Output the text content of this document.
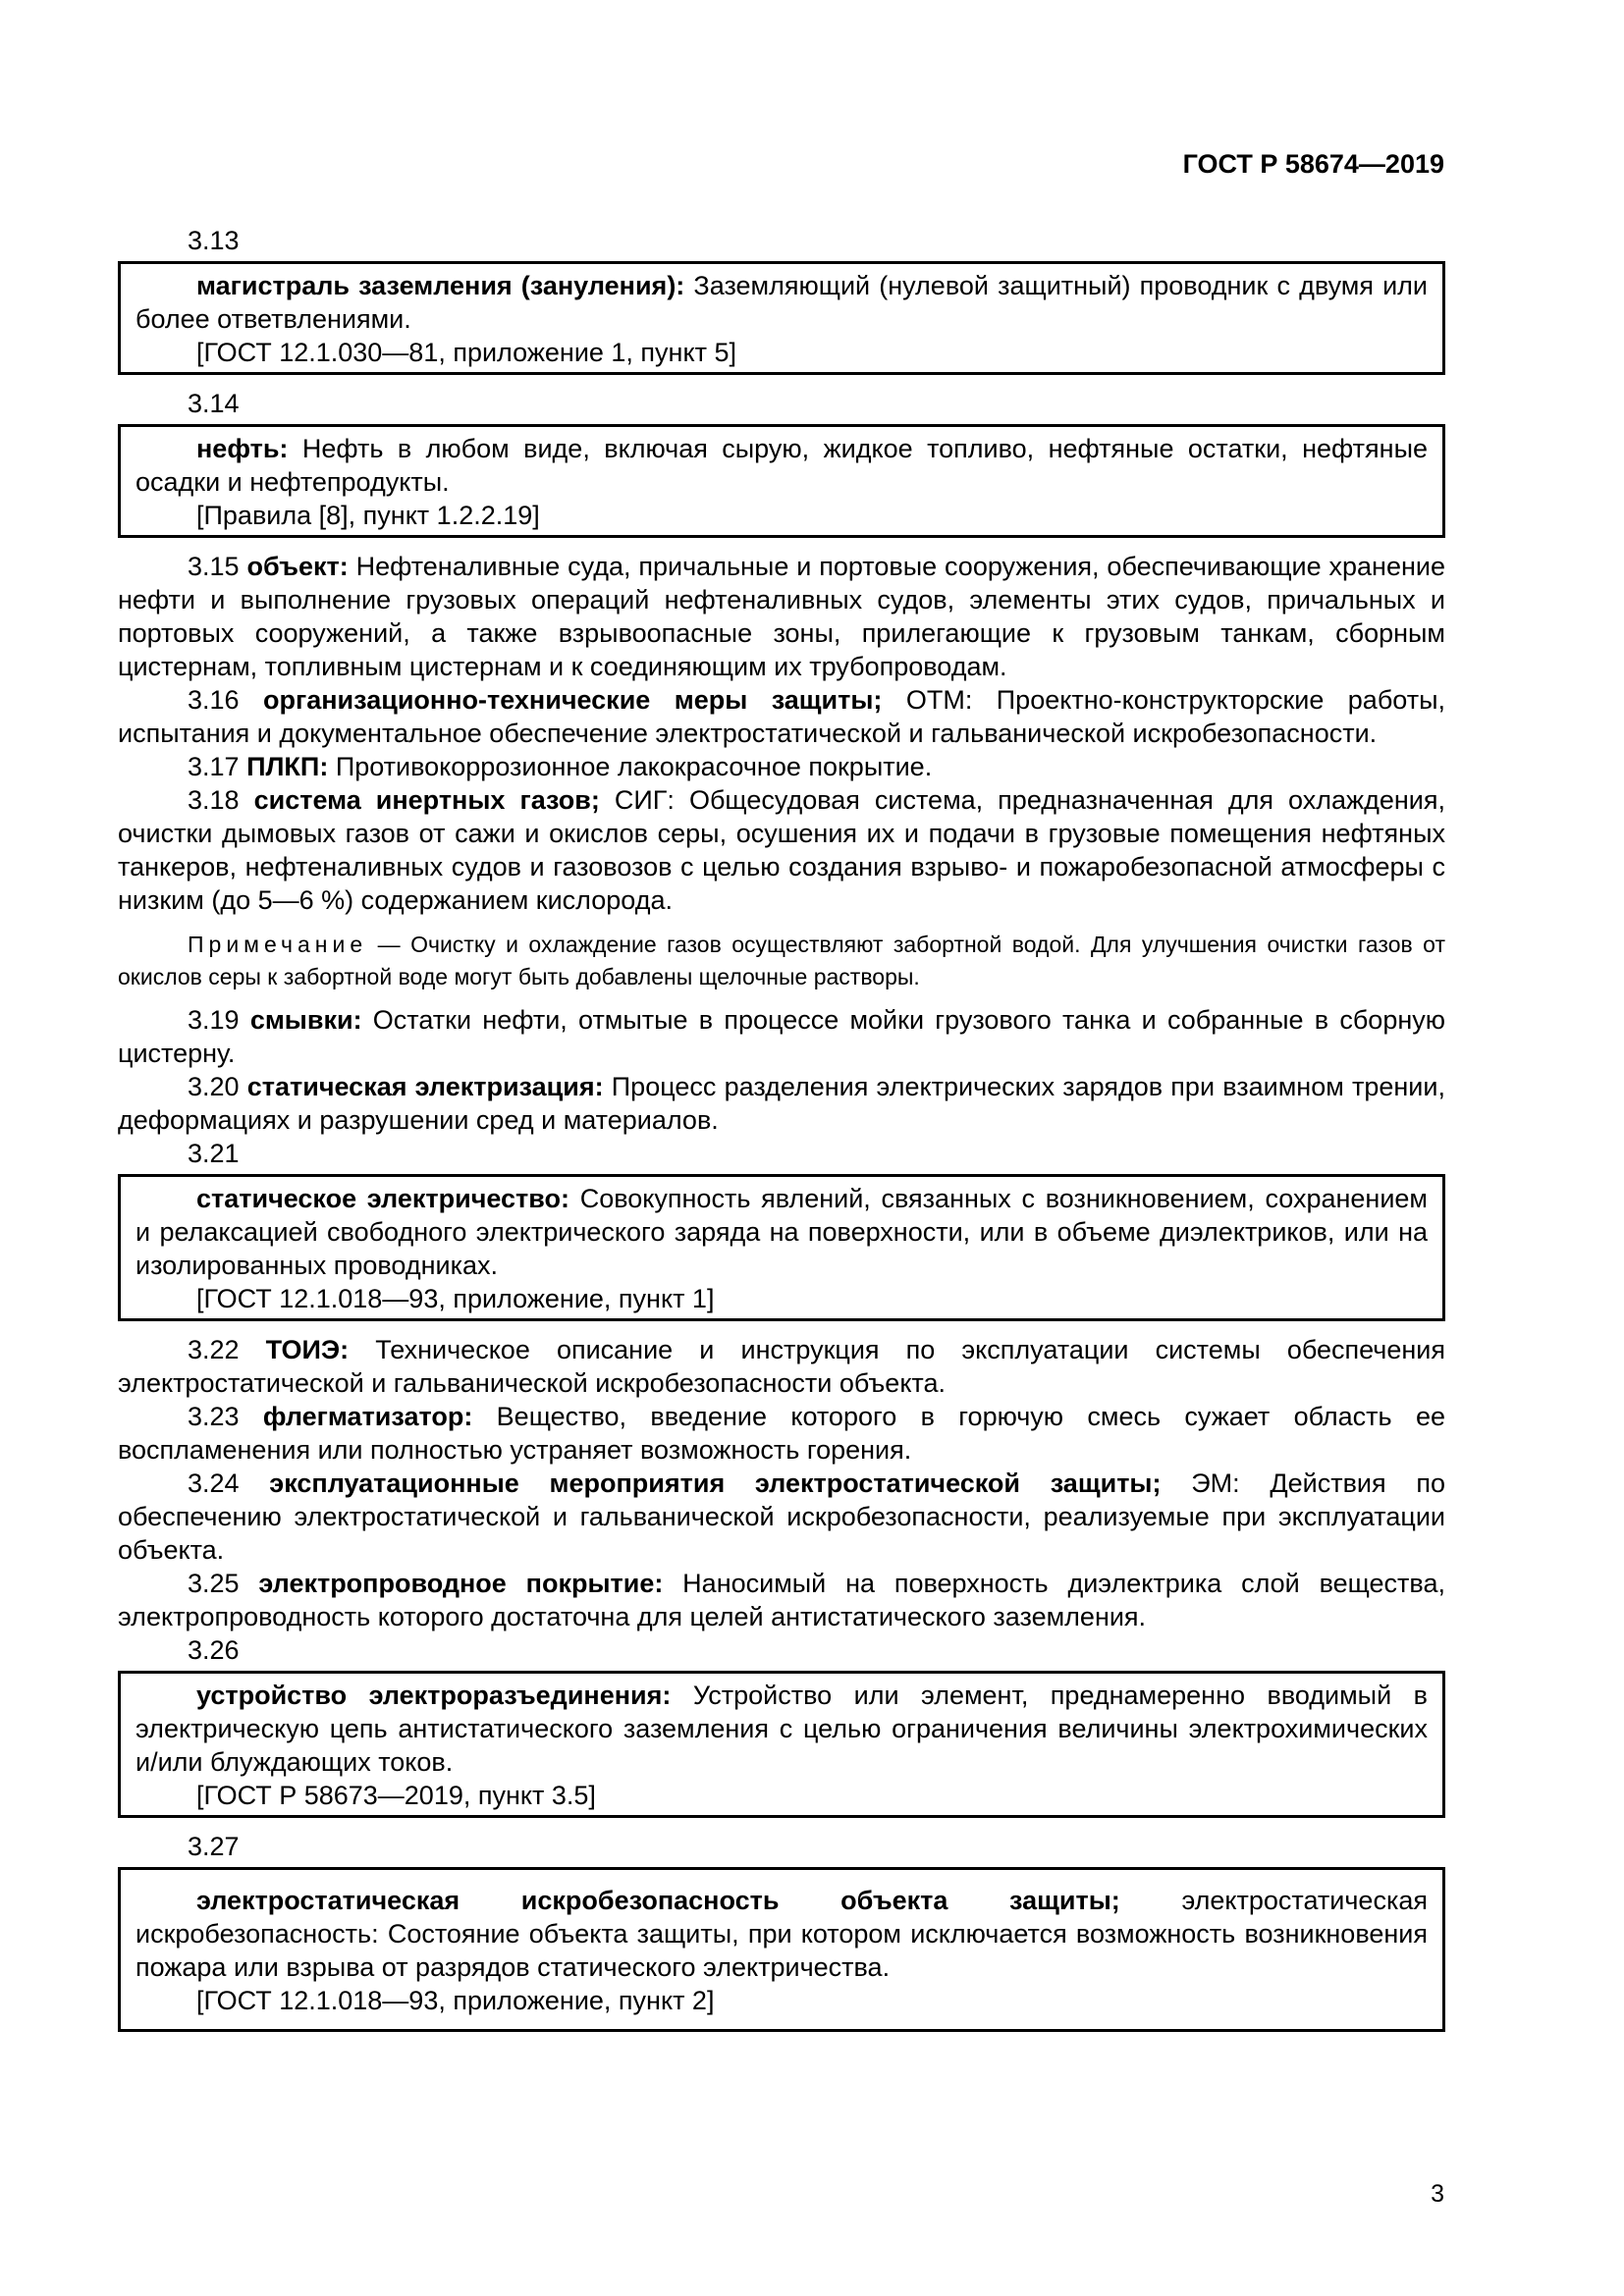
ГОСТ Р 58674—2019
3.13

магистраль заземления (зануления): Заземляющий (нулевой защитный) проводник с двумя или более ответвлениями.

[ГОСТ 12.1.030—81, приложение 1, пункт 5]

3.14

нефть: Нефть в любом виде, включая сырую, жидкое топливо, нефтяные остатки, нефтяные осадки и нефтепродукты.

[Правила [8], пункт 1.2.2.19]

3.15 объект: Нефтеналивные суда, причальные и портовые сооружения, обеспечивающие хранение нефти и выполнение грузовых операций нефтеналивных судов, элементы этих судов, причальных и портовых сооружений, а также взрывоопасные зоны, прилегающие к грузовым танкам, сборным цистернам, топливным цистернам и к соединяющим их трубопроводам.

3.16 организационно-технические меры защиты; ОТМ: Проектно-конструкторские работы, испытания и документальное обеспечение электростатической и гальванической искробезопасности.

3.17 ПЛКП: Противокоррозионное лакокрасочное покрытие.

3.18 система инертных газов; СИГ: Общесудовая система, предназначенная для охлаждения, очистки дымовых газов от сажи и окислов серы, осушения их и подачи в грузовые помещения нефтяных танкеров, нефтеналивных судов и газовозов с целью создания взрыво- и пожаробезопасной атмосферы с низким (до 5—6 %) содержанием кислорода.

Примечание — Очистку и охлаждение газов осуществляют забортной водой. Для улучшения очистки газов от окислов серы к забортной воде могут быть добавлены щелочные растворы.

3.19 смывки: Остатки нефти, отмытые в процессе мойки грузового танка и собранные в сборную цистерну.

3.20 статическая электризация: Процесс разделения электрических зарядов при взаимном трении, деформациях и разрушении сред и материалов.

3.21

статическое электричество: Совокупность явлений, связанных с возникновением, сохранением и релаксацией свободного электрического заряда на поверхности, или в объеме диэлектриков, или на изолированных проводниках.

[ГОСТ 12.1.018—93, приложение, пункт 1]

3.22 ТОИЭ: Техническое описание и инструкция по эксплуатации системы обеспечения электростатической и гальванической искробезопасности объекта.

3.23 флегматизатор: Вещество, введение которого в горючую смесь сужает область ее воспламенения или полностью устраняет возможность горения.

3.24 эксплуатационные мероприятия электростатической защиты; ЭМ: Действия по обеспечению электростатической и гальванической искробезопасности, реализуемые при эксплуатации объекта.

3.25 электропроводное покрытие: Наносимый на поверхность диэлектрика слой вещества, электропроводность которого достаточна для целей антистатического заземления.

3.26

устройство электроразъединения: Устройство или элемент, преднамеренно вводимый в электрическую цепь антистатического заземления с целью ограничения величины электрохимических и/или блуждающих токов.

[ГОСТ Р 58673—2019, пункт 3.5]

3.27

электростатическая искробезопасность объекта защиты; электростатическая искробезопасность: Состояние объекта защиты, при котором исключается возможность возникновения пожара или взрыва от разрядов статического электричества.

[ГОСТ 12.1.018—93, приложение, пункт 2]

3
